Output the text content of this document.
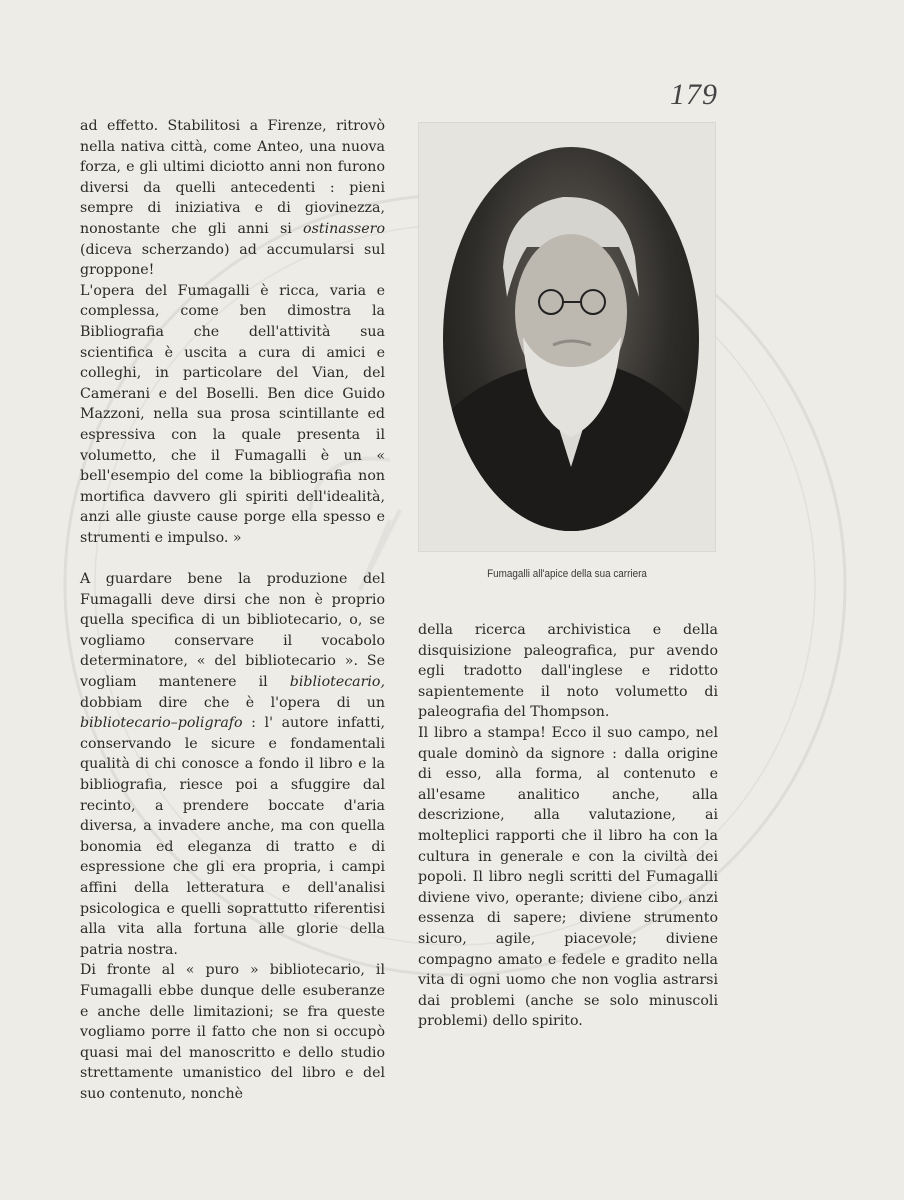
179

ad effetto. Stabilitosi a Firenze, ritrovò nella nativa città, come Anteo, una nuova forza, e gli ultimi diciotto anni non furono diversi da quelli antecedenti : pieni sempre di iniziativa e di giovinezza, nonostante che gli anni si ostinassero (diceva scherzando) ad accumularsi sul groppone!

L'opera del Fumagalli è ricca, varia e complessa, come ben dimostra la Bibliografia che dell'attività sua scientifica è uscita a cura di amici e colleghi, in particolare del Vian, del Camerani e del Boselli. Ben dice Guido Mazzoni, nella sua prosa scintillante ed espressiva con la quale presenta il volumetto, che il Fumagalli è un « bell'esempio del come la bibliografia non mortifica davvero gli spiriti dell'idealità, anzi alle giuste cause porge ella spesso e strumenti e impulso. »

A guardare bene la produzione del Fumagalli deve dirsi che non è proprio quella specifica di un bibliotecario, o, se vogliamo conservare il vocabolo determinatore, « del bibliotecario ». Se vogliam mantenere il bibliotecario, dobbiam dire che è l'opera di un bibliotecario–poligrafo : l' autore infatti, conservando le sicure e fondamentali qualità di chi conosce a fondo il libro e la bibliografia, riesce poi a sfuggire dal recinto, a prendere boccate d'aria diversa, a invadere anche, ma con quella bonomia ed eleganza di tratto e di espressione che gli era propria, i campi affini della letteratura e dell'analisi psicologica e quelli soprattutto riferentisi alla vita alla fortuna alle glorie della patria nostra.

Di fronte al « puro » bibliotecario, il Fumagalli ebbe dunque delle esuberanze e anche delle limitazioni; se fra queste vogliamo porre il fatto che non si occupò quasi mai del manoscritto e dello studio strettamente umanistico del libro e del suo contenuto, nonchè

Fumagalli all'apice della sua carriera

della ricerca archivistica e della disquisizione paleografica, pur avendo egli tradotto dall'inglese e ridotto sapientemente il noto volumetto di paleografia del Thompson.

Il libro a stampa! Ecco il suo campo, nel quale dominò da signore : dalla origine di esso, alla forma, al contenuto e all'esame analitico anche, alla descrizione, alla valutazione, ai molteplici rapporti che il libro ha con la cultura in generale e con la civiltà dei popoli. Il libro negli scritti del Fumagalli diviene vivo, operante; diviene cibo, anzi essenza di sapere; diviene strumento sicuro, agile, piacevole; diviene compagno amato e fedele e gradito nella vita di ogni uomo che non voglia astrarsi dai problemi (anche se solo minuscoli problemi) dello spirito.
